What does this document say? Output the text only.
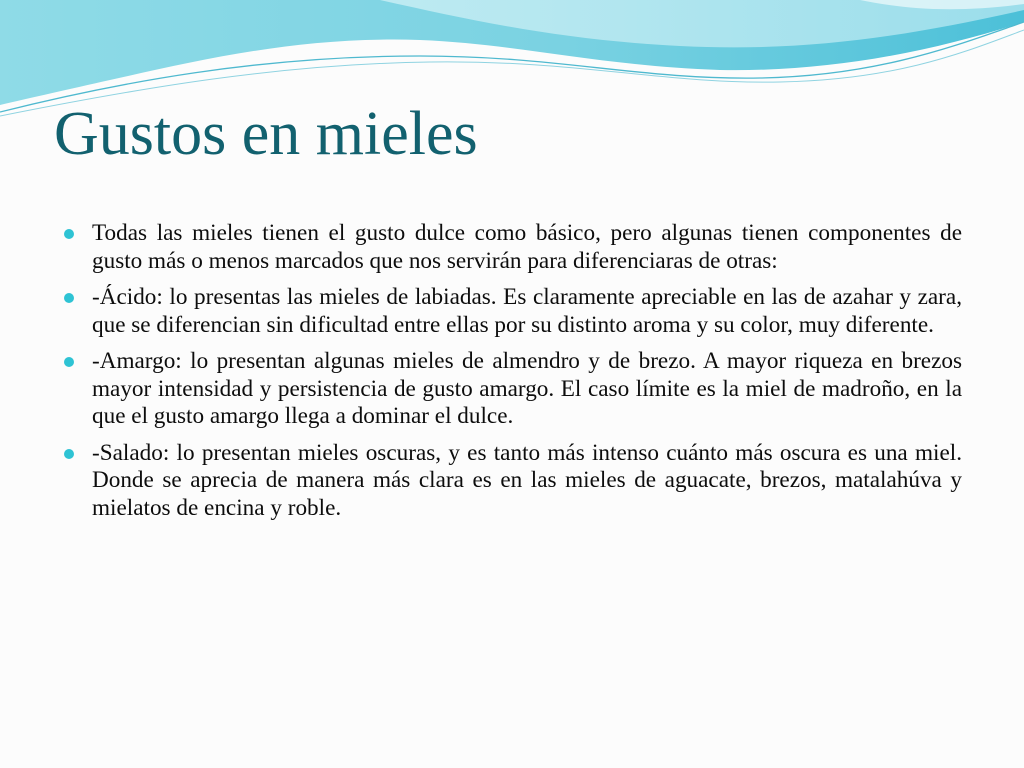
Gustos en mieles
Todas las mieles tienen el gusto dulce como básico, pero algunas tienen componentes de gusto más o menos marcados que nos servirán para diferenciaras de otras:
-Ácido: lo presentas las mieles de labiadas. Es claramente apreciable en las de azahar y zara, que se diferencian sin dificultad entre ellas por su distinto aroma y su color, muy diferente.
-Amargo: lo presentan algunas mieles de almendro y de brezo. A mayor riqueza en brezos mayor intensidad y persistencia de gusto amargo. El caso límite es la miel de madroño, en la que el gusto amargo llega a dominar el dulce.
-Salado: lo presentan mieles oscuras, y es tanto más intenso cuánto más oscura es una miel. Donde se aprecia de manera más clara es en las mieles de aguacate, brezos, matalahúva y mielatos de encina y roble.
